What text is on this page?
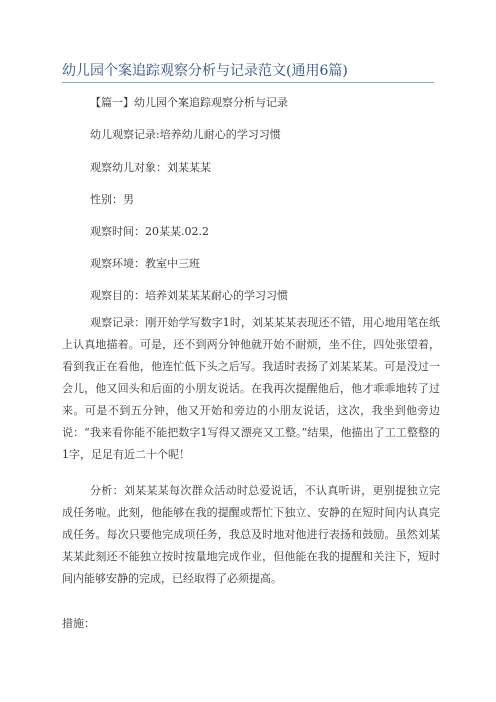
幼儿园个案追踪观察分析与记录范文(通用6篇)
【篇一】幼儿园个案追踪观察分析与记录
幼儿观察记录:培养幼儿耐心的学习习惯
观察幼儿对象：刘某某某
性别：男
观察时间：20某某.02.2
观察环境：教室中三班
观察目的：培养刘某某某耐心的学习习惯

观察记录：刚开始学写数字1时，刘某某某表现还不错，用心地用笔在纸上认真地描着。可是，还不到两分钟他就开始不耐烦，坐不住，四处张望着，看到我正在看他，他连忙低下头之后写。我适时表扬了刘某某某。可是没过一会儿，他又回头和后面的小朋友说话。在我再次提醒他后，他才乖乖地转了过来。可是不到五分钟，他又开始和旁边的小朋友说话，这次，我坐到他旁边说：“我来看你能不能把数字1写得又漂亮又工整。”结果，他描出了工工整整的1字，足足有近二十个呢！

分析：刘某某某每次群众活动时总爱说话，不认真听讲，更别提独立完成任务啦。此刻，他能够在我的提醒或帮忙下独立、安静的在短时间内认真完成任务。每次只要他完成项任务，我总及时地对他进行表扬和鼓励。虽然刘某某某此刻还不能独立按时按量地完成作业，但他能在我的提醒和关注下，短时间内能够安静的完成，已经取得了必须提高。

措施：
